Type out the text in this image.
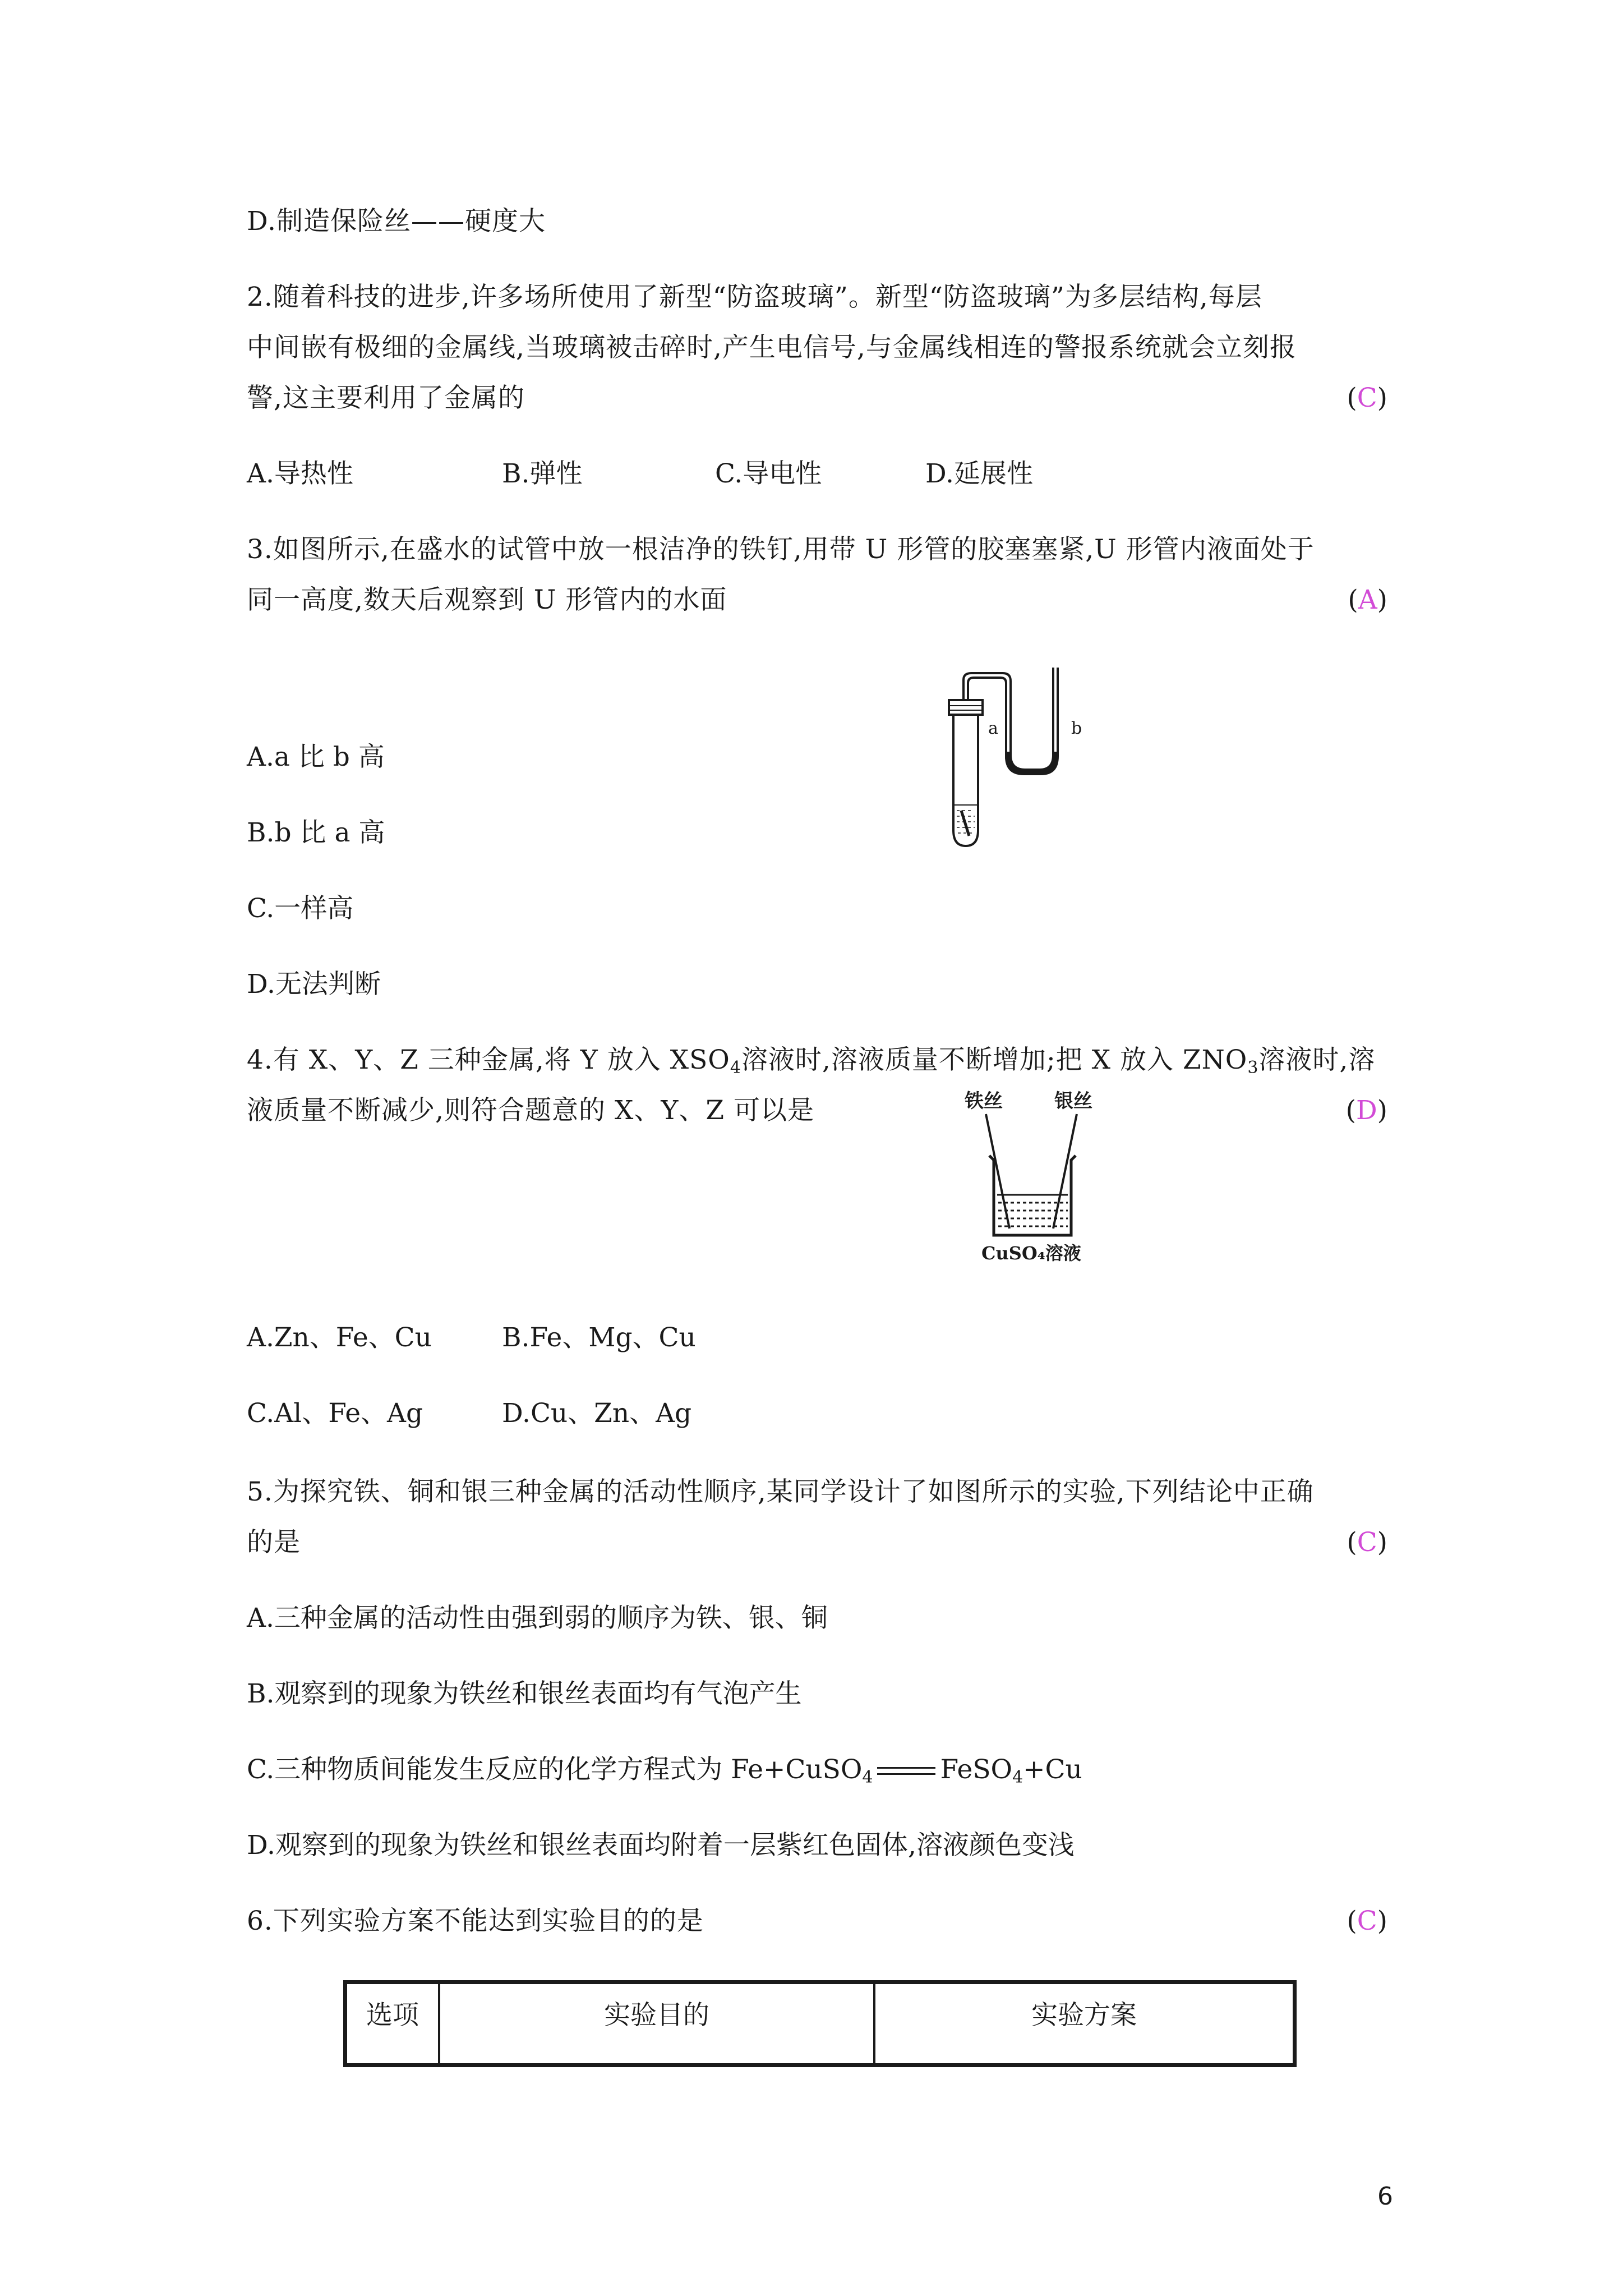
D.制造保险丝——硬度大
2.随着科技的进步,许多场所使用了新型“防盗玻璃”。新型“防盗玻璃”为多层结构,每层
中间嵌有极细的金属线,当玻璃被击碎时,产生电信号,与金属线相连的警报系统就会立刻报
警,这主要利用了金属的	(C)
A.导热性	B.弹性	C.导电性	D.延展性
3.如图所示,在盛水的试管中放一根洁净的铁钉,用带 U 形管的胶塞塞紧,U 形管内液面处于
同一高度,数天后观察到 U 形管内的水面	(A)
a	b
A.a 比 b 高
B.b 比 a 高
C.一样高
D.无法判断
4.有 X、Y、Z 三种金属,将 Y 放入 $XSO_4$溶液时,溶液质量不断增加;把 X 放入 $ZNO_3$溶液时,溶
液质量不断减少,则符合题意的 X、Y、Z 可以是	(D)
铁丝	银丝
CuSO₄溶液
A.Zn、Fe、Cu	B.Fe、Mg、Cu
C.Al、Fe、Ag	D.Cu、Zn、Ag
5.为探究铁、铜和银三种金属的活动性顺序,某同学设计了如图所示的实验,下列结论中正确
的是	(C)
A.三种金属的活动性由强到弱的顺序为铁、银、铜
B.观察到的现象为铁丝和银丝表面均有气泡产生
C.三种物质间能发生反应的化学方程式为 Fe+CuSO$_4$	FeSO$_4$+Cu
D.观察到的现象为铁丝和银丝表面均附着一层紫红色固体,溶液颜色变浅
6.下列实验方案不能达到实验目的的是	(C)
选项	实验目的	实验方案
6
